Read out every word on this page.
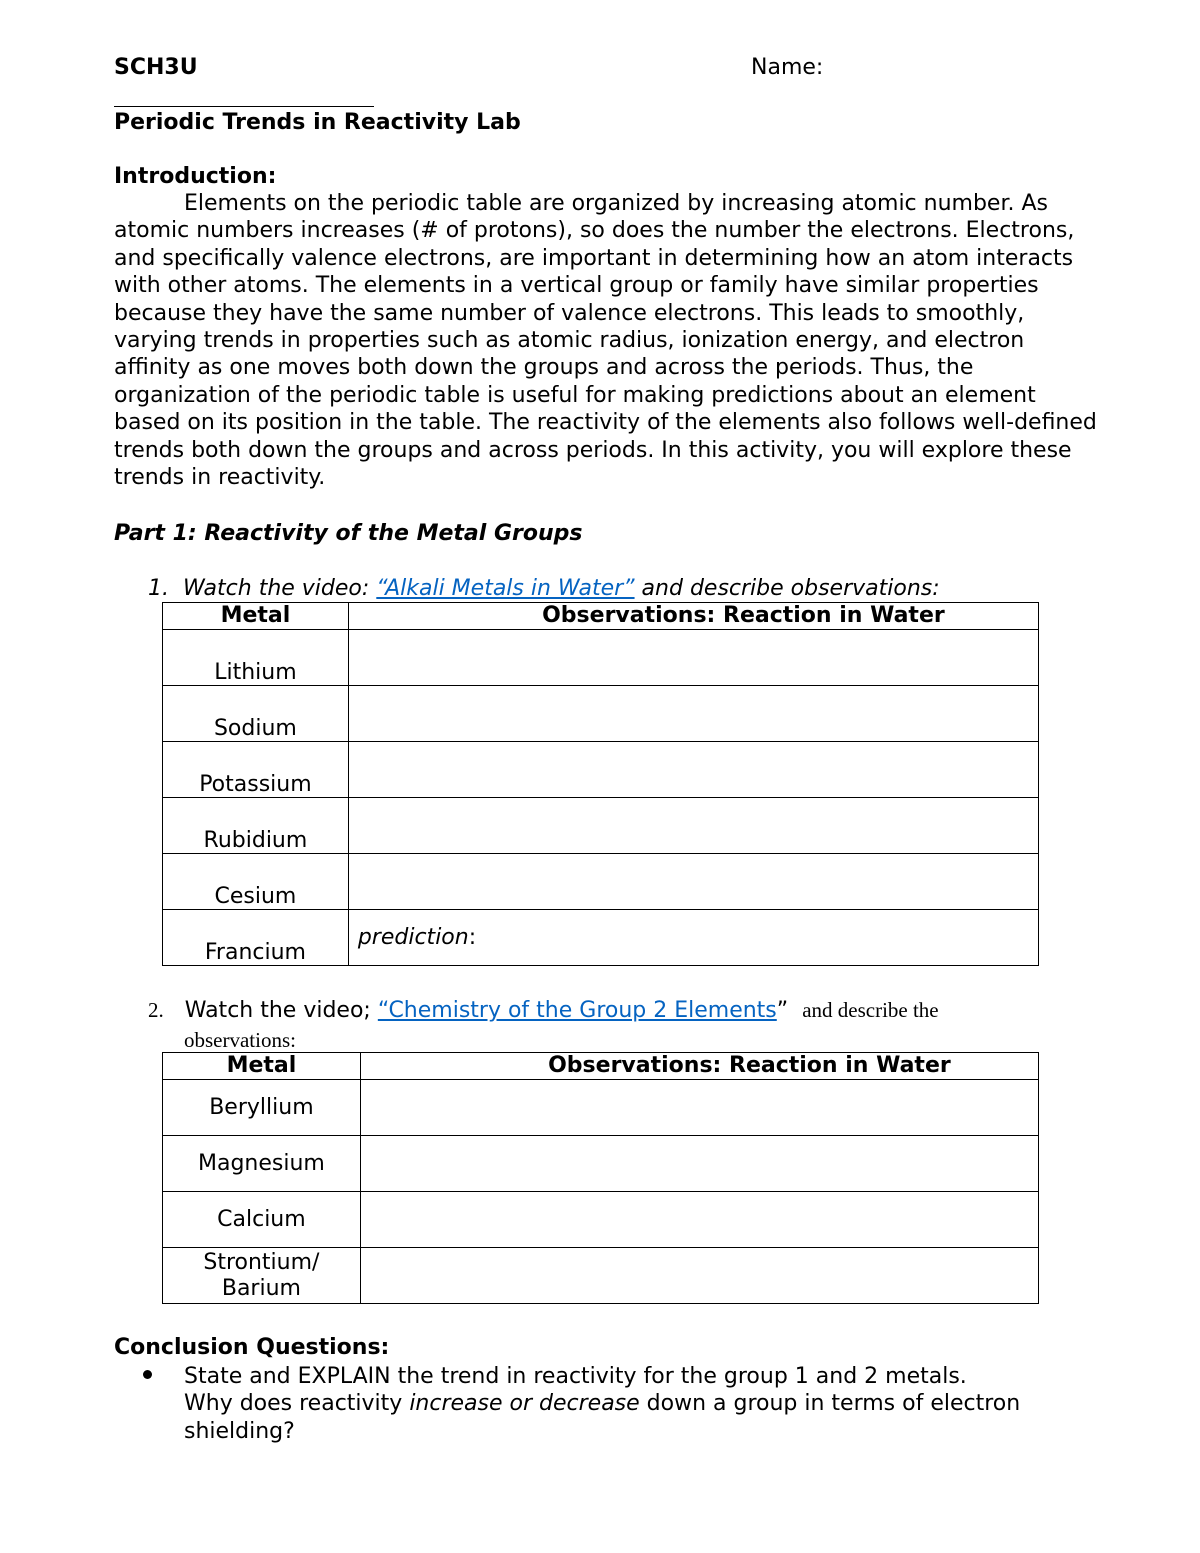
SCH3U	Name:
Periodic Trends in Reactivity Lab
Introduction:

Elements on the periodic table are organized by increasing atomic number. As atomic numbers increases (# of protons), so does the number the electrons. Electrons, and specifically valence electrons, are important in determining how an atom interacts with other atoms. The elements in a vertical group or family have similar properties because they have the same number of valence electrons. This leads to smoothly, varying trends in properties such as atomic radius, ionization energy, and electron affinity as one moves both down the groups and across the periods. Thus, the organization of the periodic table is useful for making predictions about an element based on its position in the table. The reactivity of the elements also follows well-defined trends both down the groups and across periods. In this activity, you will explore these trends in reactivity.

Part 1: Reactivity of the Metal Groups
1. Watch the video: “Alkali Metals in Water” and describe observations:
Metal	Observations: Reaction in Water
Lithium	
Sodium	
Potassium	
Rubidium	
Cesium	
Francium	prediction:
2. Watch the video; “Chemistry of the Group 2 Elements” and describe the
observations:
Metal	Observations: Reaction in Water
Beryllium	
Magnesium	
Calcium	

Strontium/
Barium	

Conclusion Questions:
State and EXPLAIN the trend in reactivity for the group 1 and 2 metals.
Why does reactivity increase or decrease down a group in terms of electron
shielding?
